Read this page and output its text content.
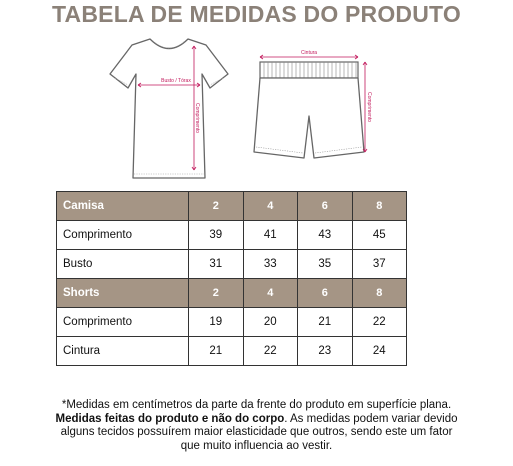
TABELA DE MEDIDAS DO PRODUTO
Busto / Tórax
Comprimento
Cintura
Comprimento
Camisa	2	4	6	8
Comprimento	39	41	43	45
Busto	31	33	35	37
Shorts	2	4	6	8
Comprimento	19	20	21	22
Cintura	21	22	23	24

*Medidas em centímetros da parte da frente do produto em superfície plana.

Medidas feitas do produto e não do corpo. As medidas podem variar devido

alguns tecidos possuírem maior elasticidade que outros, sendo este um fator

que muito influencia ao vestir.
